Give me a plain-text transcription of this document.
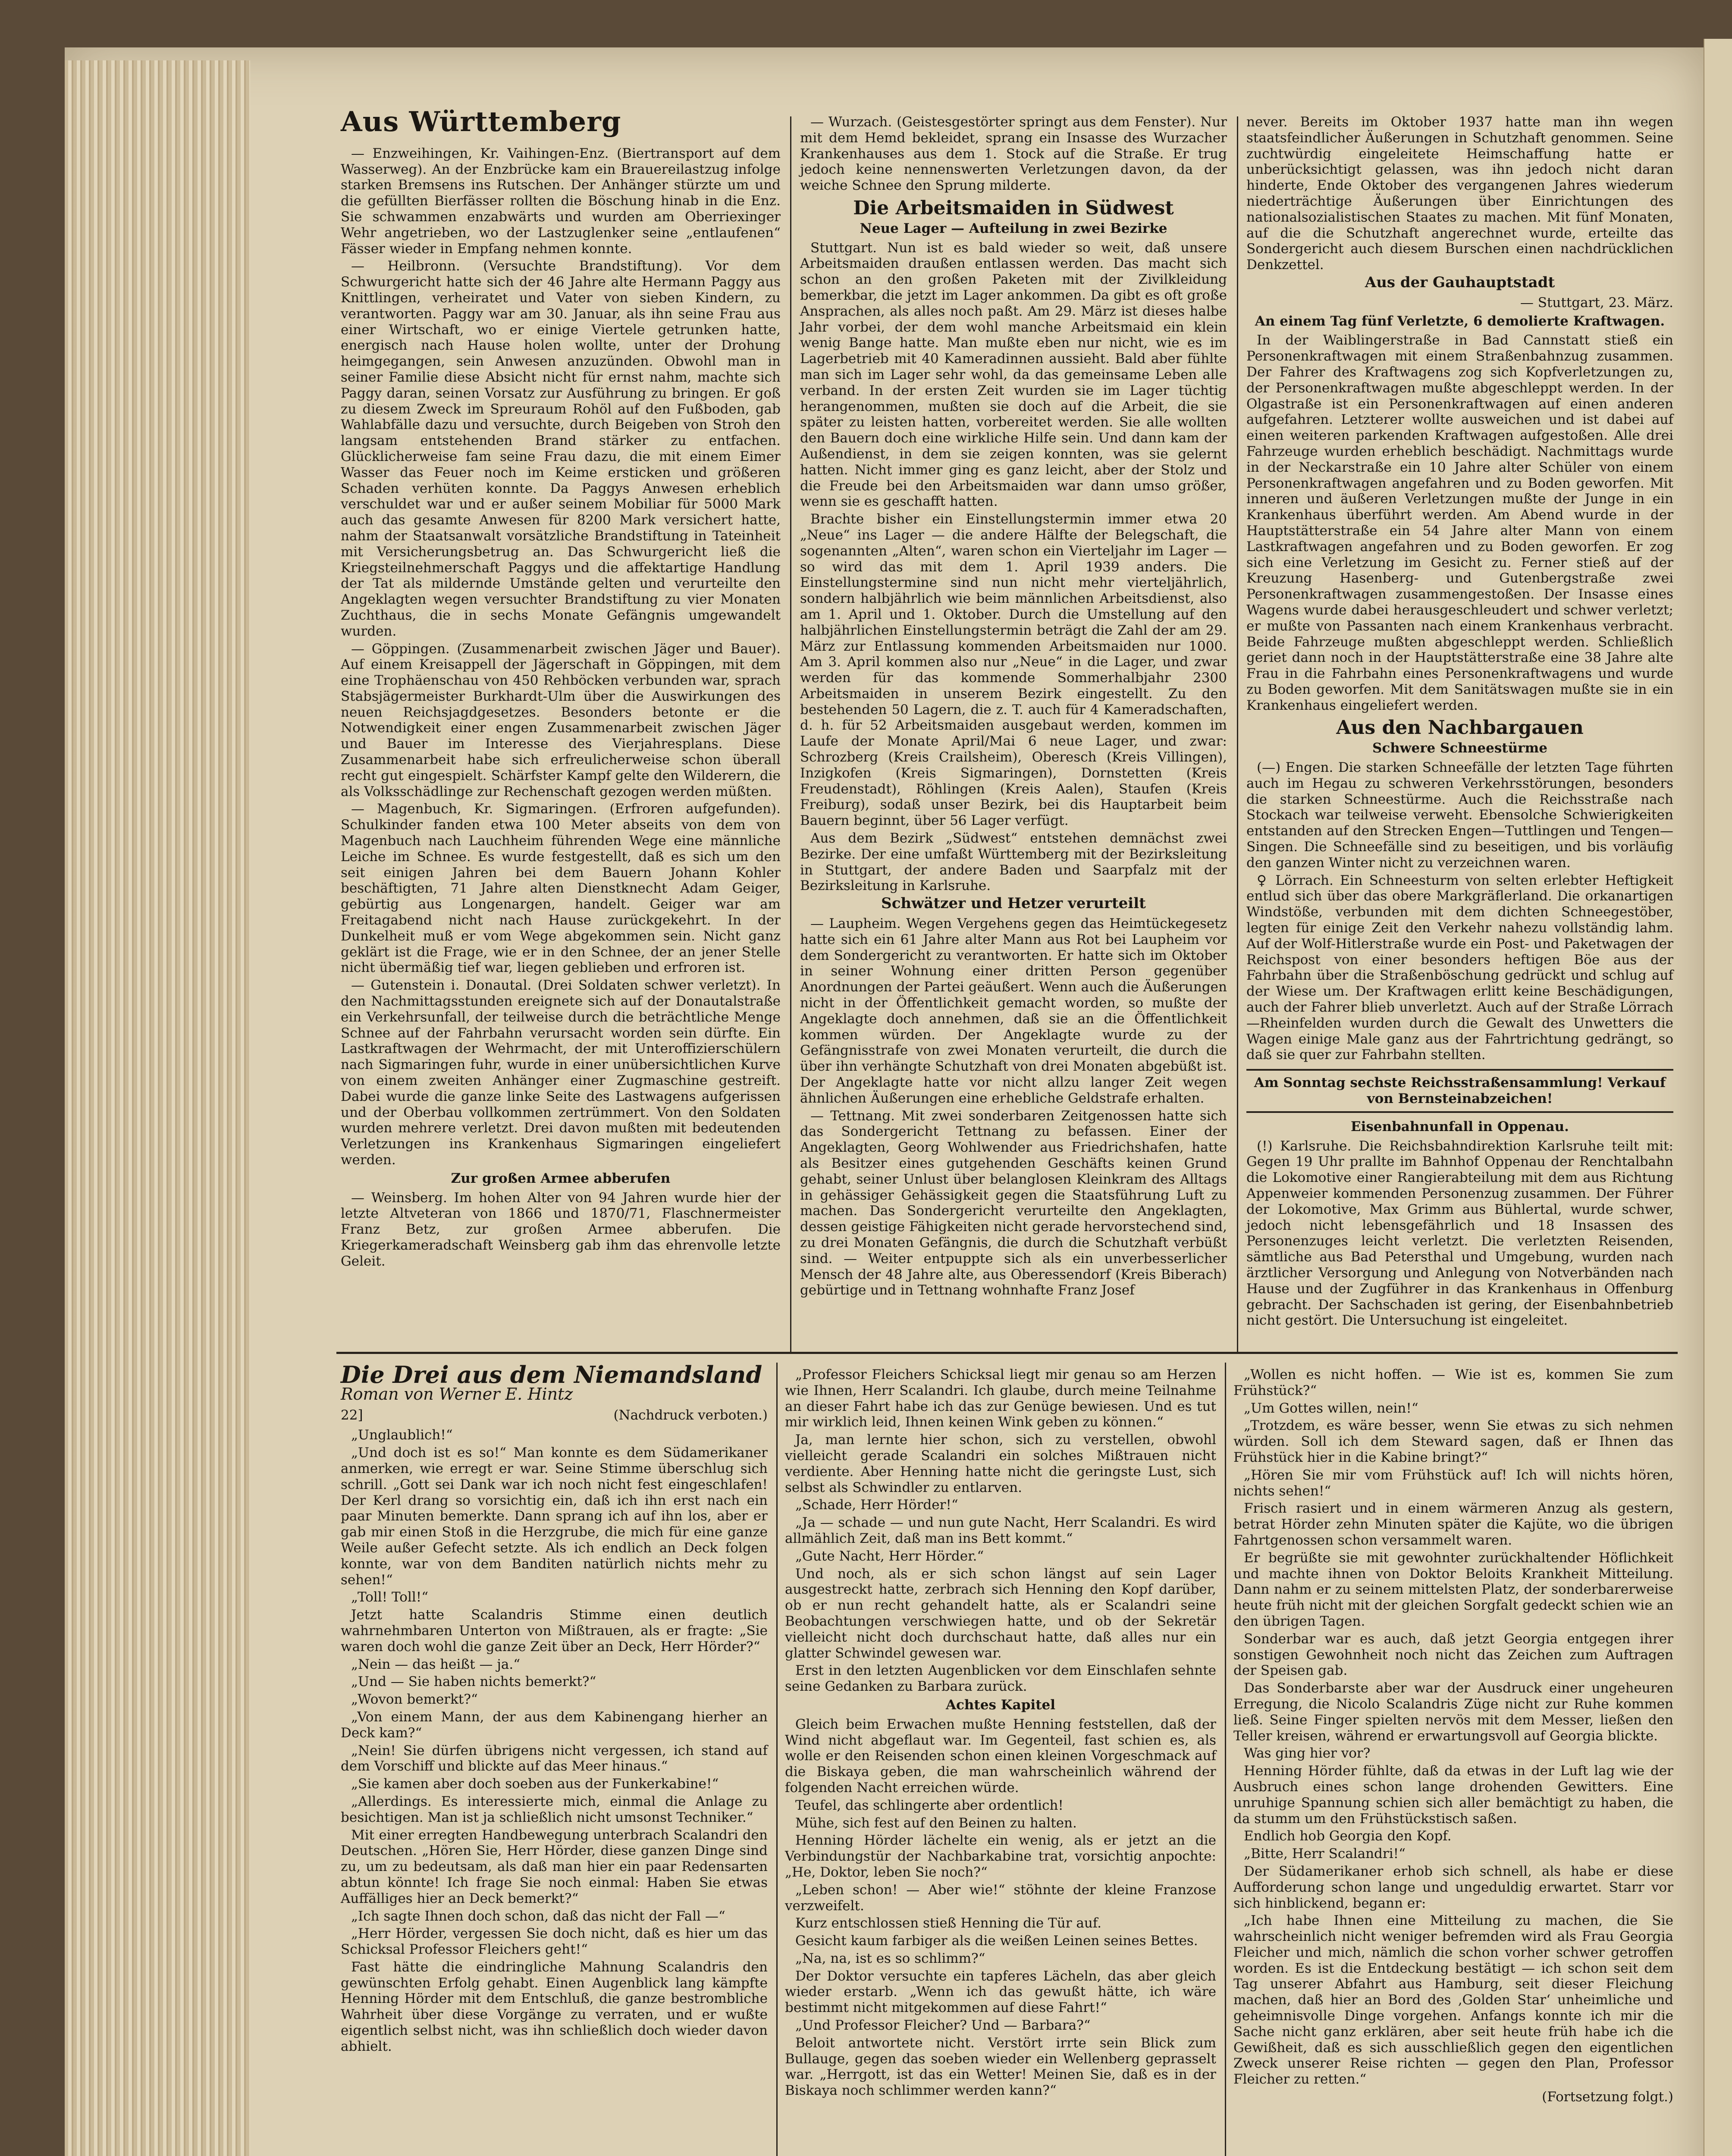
Aus Württemberg

— Enzweihingen, Kr. Vaihingen-Enz. (Biertransport auf dem Wasserweg). An der Enzbrücke kam ein Brauereilastzug infolge starken Bremsens ins Rutschen. Der Anhänger stürzte um und die gefüllten Bierfässer rollten die Böschung hinab in die Enz. Sie schwammen enzabwärts und wurden am Oberriexinger Wehr angetrieben, wo der Lastzuglenker seine „entlaufenen“ Fässer wieder in Empfang nehmen konnte.

— Heilbronn. (Versuchte Brandstiftung). Vor dem Schwurgericht hatte sich der 46 Jahre alte Hermann Paggy aus Knittlingen, verheiratet und Vater von sieben Kindern, zu verantworten. Paggy war am 30. Januar, als ihn seine Frau aus einer Wirtschaft, wo er einige Viertele getrunken hatte, energisch nach Hause holen wollte, unter der Drohung heimgegangen, sein Anwesen anzuzünden. Obwohl man in seiner Familie diese Absicht nicht für ernst nahm, machte sich Paggy daran, seinen Vorsatz zur Ausführung zu bringen. Er goß zu diesem Zweck im Spreuraum Rohöl auf den Fußboden, gab Wahlabfälle dazu und versuchte, durch Beigeben von Stroh den langsam entstehenden Brand stärker zu entfachen. Glücklicherweise fam seine Frau dazu, die mit einem Eimer Wasser das Feuer noch im Keime ersticken und größeren Schaden verhüten konnte. Da Paggys Anwesen erheblich verschuldet war und er außer seinem Mobiliar für 5000 Mark auch das gesamte Anwesen für 8200 Mark versichert hatte, nahm der Staatsanwalt vorsätzliche Brandstiftung in Tateinheit mit Versicherungsbetrug an. Das Schwurgericht ließ die Kriegsteilnehmerschaft Paggys und die affektartige Handlung der Tat als mildernde Umstände gelten und verurteilte den Angeklagten wegen versuchter Brandstiftung zu vier Monaten Zuchthaus, die in sechs Monate Gefängnis umgewandelt wurden.

— Göppingen. (Zusammenarbeit zwischen Jäger und Bauer). Auf einem Kreisappell der Jägerschaft in Göppingen, mit dem eine Trophäenschau von 450 Rehböcken verbunden war, sprach Stabsjägermeister Burkhardt-Ulm über die Auswirkungen des neuen Reichsjagdgesetzes. Besonders betonte er die Notwendigkeit einer engen Zusammenarbeit zwischen Jäger und Bauer im Interesse des Vierjahresplans. Diese Zusammenarbeit habe sich erfreulicherweise schon überall recht gut eingespielt. Schärfster Kampf gelte den Wilderern, die als Volksschädlinge zur Rechenschaft gezogen werden müßten.

— Magenbuch, Kr. Sigmaringen. (Erfroren aufgefunden). Schulkinder fanden etwa 100 Meter abseits von dem von Magenbuch nach Lauchheim führenden Wege eine männliche Leiche im Schnee. Es wurde festgestellt, daß es sich um den seit einigen Jahren bei dem Bauern Johann Kohler beschäftigten, 71 Jahre alten Dienstknecht Adam Geiger, gebürtig aus Longenargen, handelt. Geiger war am Freitagabend nicht nach Hause zurückgekehrt. In der Dunkelheit muß er vom Wege abgekommen sein. Nicht ganz geklärt ist die Frage, wie er in den Schnee, der an jener Stelle nicht übermäßig tief war, liegen geblieben und erfroren ist.

— Gutenstein i. Donautal. (Drei Soldaten schwer verletzt). In den Nachmittagsstunden ereignete sich auf der Donautalstraße ein Verkehrsunfall, der teilweise durch die beträchtliche Menge Schnee auf der Fahrbahn verursacht worden sein dürfte. Ein Lastkraftwagen der Wehrmacht, der mit Unteroffizierschülern nach Sigmaringen fuhr, wurde in einer unübersichtlichen Kurve von einem zweiten Anhänger einer Zugmaschine gestreift. Dabei wurde die ganze linke Seite des Lastwagens aufgerissen und der Oberbau vollkommen zertrümmert. Von den Soldaten wurden mehrere verletzt. Drei davon mußten mit bedeutenden Verletzungen ins Krankenhaus Sigmaringen eingeliefert werden.

Zur großen Armee abberufen

— Weinsberg. Im hohen Alter von 94 Jahren wurde hier der letzte Altveteran von 1866 und 1870/71, Flaschnermeister Franz Betz, zur großen Armee abberufen. Die Kriegerkameradschaft Weinsberg gab ihm das ehrenvolle letzte Geleit.

— Wurzach. (Geistesgestörter springt aus dem Fenster). Nur mit dem Hemd bekleidet, sprang ein Insasse des Wurzacher Krankenhauses aus dem 1. Stock auf die Straße. Er trug jedoch keine nennenswerten Verletzungen davon, da der weiche Schnee den Sprung milderte.

Die Arbeitsmaiden in Südwest
Neue Lager — Aufteilung in zwei Bezirke

Stuttgart. Nun ist es bald wieder so weit, daß unsere Arbeitsmaiden draußen entlassen werden. Das macht sich schon an den großen Paketen mit der Zivilkleidung bemerkbar, die jetzt im Lager ankommen. Da gibt es oft große Ansprachen, als alles noch paßt. Am 29. März ist dieses halbe Jahr vorbei, der dem wohl manche Arbeitsmaid ein klein wenig Bange hatte. Man mußte eben nur nicht, wie es im Lagerbetrieb mit 40 Kameradinnen aussieht. Bald aber fühlte man sich im Lager sehr wohl, da das gemeinsame Leben alle verband. In der ersten Zeit wurden sie im Lager tüchtig herangenommen, mußten sie doch auf die Arbeit, die sie später zu leisten hatten, vorbereitet werden. Sie alle wollten den Bauern doch eine wirkliche Hilfe sein. Und dann kam der Außendienst, in dem sie zeigen konnten, was sie gelernt hatten. Nicht immer ging es ganz leicht, aber der Stolz und die Freude bei den Arbeitsmaiden war dann umso größer, wenn sie es geschafft hatten.

Brachte bisher ein Einstellungstermin immer etwa 20 „Neue“ ins Lager — die andere Hälfte der Belegschaft, die sogenannten „Alten“, waren schon ein Vierteljahr im Lager — so wird das mit dem 1. April 1939 anders. Die Einstellungstermine sind nun nicht mehr vierteljährlich, sondern halbjährlich wie beim männlichen Arbeitsdienst, also am 1. April und 1. Oktober. Durch die Umstellung auf den halbjährlichen Einstellungstermin beträgt die Zahl der am 29. März zur Entlassung kommenden Arbeitsmaiden nur 1000. Am 3. April kommen also nur „Neue“ in die Lager, und zwar werden für das kommende Sommerhalbjahr 2300 Arbeitsmaiden in unserem Bezirk eingestellt. Zu den bestehenden 50 Lagern, die z. T. auch für 4 Kameradschaften, d. h. für 52 Arbeitsmaiden ausgebaut werden, kommen im Laufe der Monate April/Mai 6 neue Lager, und zwar: Schrozberg (Kreis Crailsheim), Oberesch (Kreis Villingen), Inzigkofen (Kreis Sigmaringen), Dornstetten (Kreis Freudenstadt), Röhlingen (Kreis Aalen), Staufen (Kreis Freiburg), sodaß unser Bezirk, bei dis Hauptarbeit beim Bauern beginnt, über 56 Lager verfügt.

Aus dem Bezirk „Südwest“ entstehen demnächst zwei Bezirke. Der eine umfaßt Württemberg mit der Bezirksleitung in Stuttgart, der andere Baden und Saarpfalz mit der Bezirksleitung in Karlsruhe.

Schwätzer und Hetzer verurteilt

— Laupheim. Wegen Vergehens gegen das Heimtückegesetz hatte sich ein 61 Jahre alter Mann aus Rot bei Laupheim vor dem Sondergericht zu verantworten. Er hatte sich im Oktober in seiner Wohnung einer dritten Person gegenüber Anordnungen der Partei geäußert. Wenn auch die Äußerungen nicht in der Öffentlichkeit gemacht worden, so mußte der Angeklagte doch annehmen, daß sie an die Öffentlichkeit kommen würden. Der Angeklagte wurde zu der Gefängnisstrafe von zwei Monaten verurteilt, die durch die über ihn verhängte Schutzhaft von drei Monaten abgebüßt ist. Der Angeklagte hatte vor nicht allzu langer Zeit wegen ähnlichen Äußerungen eine erhebliche Geldstrafe erhalten.

— Tettnang. Mit zwei sonderbaren Zeitgenossen hatte sich das Sondergericht Tettnang zu befassen. Einer der Angeklagten, Georg Wohlwender aus Friedrichshafen, hatte als Besitzer eines gutgehenden Geschäfts keinen Grund gehabt, seiner Unlust über belanglosen Kleinkram des Alltags in gehässiger Gehässigkeit gegen die Staatsführung Luft zu machen. Das Sondergericht verurteilte den Angeklagten, dessen geistige Fähigkeiten nicht gerade hervorstechend sind, zu drei Monaten Gefängnis, die durch die Schutzhaft verbüßt sind. — Weiter entpuppte sich als ein unverbesserlicher Mensch der 48 Jahre alte, aus Oberessendorf (Kreis Biberach) gebürtige und in Tettnang wohnhafte Franz Josef

never. Bereits im Oktober 1937 hatte man ihn wegen staatsfeindlicher Äußerungen in Schutzhaft genommen. Seine zuchtwürdig eingeleitete Heimschaffung hatte er unberücksichtigt gelassen, was ihn jedoch nicht daran hinderte, Ende Oktober des vergangenen Jahres wiederum niederträchtige Äußerungen über Einrichtungen des nationalsozialistischen Staates zu machen. Mit fünf Monaten, auf die die Schutzhaft angerechnet wurde, erteilte das Sondergericht auch diesem Burschen einen nachdrücklichen Denkzettel.

Aus der Gauhauptstadt

— Stuttgart, 23. März.

An einem Tag fünf Verletzte, 6 demolierte Kraftwagen.

In der Waiblingerstraße in Bad Cannstatt stieß ein Personenkraftwagen mit einem Straßenbahnzug zusammen. Der Fahrer des Kraftwagens zog sich Kopfverletzungen zu, der Personenkraftwagen mußte abgeschleppt werden. In der Olgastraße ist ein Personenkraftwagen auf einen anderen aufgefahren. Letzterer wollte ausweichen und ist dabei auf einen weiteren parkenden Kraftwagen aufgestoßen. Alle drei Fahrzeuge wurden erheblich beschädigt. Nachmittags wurde in der Neckarstraße ein 10 Jahre alter Schüler von einem Personenkraftwagen angefahren und zu Boden geworfen. Mit inneren und äußeren Verletzungen mußte der Junge in ein Krankenhaus überführt werden. Am Abend wurde in der Hauptstätterstraße ein 54 Jahre alter Mann von einem Lastkraftwagen angefahren und zu Boden geworfen. Er zog sich eine Verletzung im Gesicht zu. Ferner stieß auf der Kreuzung Hasenberg- und Gutenbergstraße zwei Personenkraftwagen zusammengestoßen. Der Insasse eines Wagens wurde dabei herausgeschleudert und schwer verletzt; er mußte von Passanten nach einem Krankenhaus verbracht. Beide Fahrzeuge mußten abgeschleppt werden. Schließlich geriet dann noch in der Hauptstätterstraße eine 38 Jahre alte Frau in die Fahrbahn eines Personenkraftwagens und wurde zu Boden geworfen. Mit dem Sanitätswagen mußte sie in ein Krankenhaus eingeliefert werden.

Aus den Nachbargauen
Schwere Schneestürme

(—) Engen. Die starken Schneefälle der letzten Tage führten auch im Hegau zu schweren Verkehrsstörungen, besonders die starken Schneestürme. Auch die Reichsstraße nach Stockach war teilweise verweht. Ebensolche Schwierigkeiten entstanden auf den Strecken Engen—Tuttlingen und Tengen—Singen. Die Schneefälle sind zu beseitigen, und bis vorläufig den ganzen Winter nicht zu verzeichnen waren.

♀ Lörrach. Ein Schneesturm von selten erlebter Heftigkeit entlud sich über das obere Markgräflerland. Die orkanartigen Windstöße, verbunden mit dem dichten Schneegestöber, legten für einige Zeit den Verkehr nahezu vollständig lahm. Auf der Wolf-Hitlerstraße wurde ein Post- und Paketwagen der Reichspost von einer besonders heftigen Böe aus der Fahrbahn über die Straßenböschung gedrückt und schlug auf der Wiese um. Der Kraftwagen erlitt keine Beschädigungen, auch der Fahrer blieb unverletzt. Auch auf der Straße Lörrach—Rheinfelden wurden durch die Gewalt des Unwetters die Wagen einige Male ganz aus der Fahrtrichtung gedrängt, so daß sie quer zur Fahrbahn stellten.

Am Sonntag sechste Reichsstraßensammlung! Verkauf von Bernsteinabzeichen!
Eisenbahnunfall in Oppenau.

(!) Karlsruhe. Die Reichsbahndirektion Karlsruhe teilt mit: Gegen 19 Uhr prallte im Bahnhof Oppenau der Renchtalbahn die Lokomotive einer Rangierabteilung mit dem aus Richtung Appenweier kommenden Personenzug zusammen. Der Führer der Lokomotive, Max Grimm aus Bühlertal, wurde schwer, jedoch nicht lebensgefährlich und 18 Insassen des Personenzuges leicht verletzt. Die verletzten Reisenden, sämtliche aus Bad Petersthal und Umgebung, wurden nach ärztlicher Versorgung und Anlegung von Notverbänden nach Hause und der Zugführer in das Krankenhaus in Offenburg gebracht. Der Sachschaden ist gering, der Eisenbahnbetrieb nicht gestört. Die Untersuchung ist eingeleitet.

Die Drei aus dem Niemandsland
Roman von Werner E. Hintz
22]	(Nachdruck verboten.)

„Unglaublich!“

„Und doch ist es so!“ Man konnte es dem Südamerikaner anmerken, wie erregt er war. Seine Stimme überschlug sich schrill. „Gott sei Dank war ich noch nicht fest eingeschlafen! Der Kerl drang so vorsichtig ein, daß ich ihn erst nach ein paar Minuten bemerkte. Dann sprang ich auf ihn los, aber er gab mir einen Stoß in die Herzgrube, die mich für eine ganze Weile außer Gefecht setzte. Als ich endlich an Deck folgen konnte, war von dem Banditen natürlich nichts mehr zu sehen!“

„Toll! Toll!“

Jetzt hatte Scalandris Stimme einen deutlich wahrnehmbaren Unterton von Mißtrauen, als er fragte: „Sie waren doch wohl die ganze Zeit über an Deck, Herr Hörder?“

„Nein — das heißt — ja.“

„Und — Sie haben nichts bemerkt?“

„Wovon bemerkt?“

„Von einem Mann, der aus dem Kabinengang hierher an Deck kam?“

„Nein! Sie dürfen übrigens nicht vergessen, ich stand auf dem Vorschiff und blickte auf das Meer hinaus.“

„Sie kamen aber doch soeben aus der Funkerkabine!“

„Allerdings. Es interessierte mich, einmal die Anlage zu besichtigen. Man ist ja schließlich nicht umsonst Techniker.“

Mit einer erregten Handbewegung unterbrach Scalandri den Deutschen. „Hören Sie, Herr Hörder, diese ganzen Dinge sind zu, um zu bedeutsam, als daß man hier ein paar Redensarten abtun könnte! Ich frage Sie noch einmal: Haben Sie etwas Auffälliges hier an Deck bemerkt?“

„Ich sagte Ihnen doch schon, daß das nicht der Fall —“

„Herr Hörder, vergessen Sie doch nicht, daß es hier um das Schicksal Professor Fleichers geht!“

Fast hätte die eindringliche Mahnung Scalandris den gewünschten Erfolg gehabt. Einen Augenblick lang kämpfte Henning Hörder mit dem Entschluß, die ganze bestrombliche Wahrheit über diese Vorgänge zu verraten, und er wußte eigentlich selbst nicht, was ihn schließlich doch wieder davon abhielt.

„Professor Fleichers Schicksal liegt mir genau so am Herzen wie Ihnen, Herr Scalandri. Ich glaube, durch meine Teilnahme an dieser Fahrt habe ich das zur Genüge bewiesen. Und es tut mir wirklich leid, Ihnen keinen Wink geben zu können.“

Ja, man lernte hier schon, sich zu verstellen, obwohl vielleicht gerade Scalandri ein solches Mißtrauen nicht verdiente. Aber Henning hatte nicht die geringste Lust, sich selbst als Schwindler zu entlarven.

„Schade, Herr Hörder!“

„Ja — schade — und nun gute Nacht, Herr Scalandri. Es wird allmählich Zeit, daß man ins Bett kommt.“

„Gute Nacht, Herr Hörder.“

Und noch, als er sich schon längst auf sein Lager ausgestreckt hatte, zerbrach sich Henning den Kopf darüber, ob er nun recht gehandelt hatte, als er Scalandri seine Beobachtungen verschwiegen hatte, und ob der Sekretär vielleicht nicht doch durchschaut hatte, daß alles nur ein glatter Schwindel gewesen war.

Erst in den letzten Augenblicken vor dem Einschlafen sehnte seine Gedanken zu Barbara zurück.

Achtes Kapitel

Gleich beim Erwachen mußte Henning feststellen, daß der Wind nicht abgeflaut war. Im Gegenteil, fast schien es, als wolle er den Reisenden schon einen kleinen Vorgeschmack auf die Biskaya geben, die man wahrscheinlich während der folgenden Nacht erreichen würde.

Teufel, das schlingerte aber ordentlich!

Mühe, sich fest auf den Beinen zu halten.

Henning Hörder lächelte ein wenig, als er jetzt an die Verbindungstür der Nachbarkabine trat, vorsichtig anpochte: „He, Doktor, leben Sie noch?“

„Leben schon! — Aber wie!“ stöhnte der kleine Franzose verzweifelt.

Kurz entschlossen stieß Henning die Tür auf.

Gesicht kaum farbiger als die weißen Leinen seines Bettes.

„Na, na, ist es so schlimm?“

Der Doktor versuchte ein tapferes Lächeln, das aber gleich wieder erstarb. „Wenn ich das gewußt hätte, ich wäre bestimmt nicht mitgekommen auf diese Fahrt!“

„Und Professor Fleicher? Und — Barbara?“

Beloit antwortete nicht. Verstört irrte sein Blick zum Bullauge, gegen das soeben wieder ein Wellenberg geprasselt war. „Herrgott, ist das ein Wetter! Meinen Sie, daß es in der Biskaya noch schlimmer werden kann?“

„Wollen es nicht hoffen. — Wie ist es, kommen Sie zum Frühstück?“

„Um Gottes willen, nein!“

„Trotzdem, es wäre besser, wenn Sie etwas zu sich nehmen würden. Soll ich dem Steward sagen, daß er Ihnen das Frühstück hier in die Kabine bringt?“

„Hören Sie mir vom Frühstück auf! Ich will nichts hören, nichts sehen!“

Frisch rasiert und in einem wärmeren Anzug als gestern, betrat Hörder zehn Minuten später die Kajüte, wo die übrigen Fahrtgenossen schon versammelt waren.

Er begrüßte sie mit gewohnter zurückhaltender Höflichkeit und machte ihnen von Doktor Beloits Krankheit Mitteilung. Dann nahm er zu seinem mittelsten Platz, der sonderbarerweise heute früh nicht mit der gleichen Sorgfalt gedeckt schien wie an den übrigen Tagen.

Sonderbar war es auch, daß jetzt Georgia entgegen ihrer sonstigen Gewohnheit noch nicht das Zeichen zum Auftragen der Speisen gab.

Das Sonderbarste aber war der Ausdruck einer ungeheuren Erregung, die Nicolo Scalandris Züge nicht zur Ruhe kommen ließ. Seine Finger spielten nervös mit dem Messer, ließen den Teller kreisen, während er erwartungsvoll auf Georgia blickte.

Was ging hier vor?

Henning Hörder fühlte, daß da etwas in der Luft lag wie der Ausbruch eines schon lange drohenden Gewitters. Eine unruhige Spannung schien sich aller bemächtigt zu haben, die da stumm um den Frühstückstisch saßen.

Endlich hob Georgia den Kopf.

„Bitte, Herr Scalandri!“

Der Südamerikaner erhob sich schnell, als habe er diese Aufforderung schon lange und ungeduldig erwartet. Starr vor sich hinblickend, begann er:

„Ich habe Ihnen eine Mitteilung zu machen, die Sie wahrscheinlich nicht weniger befremden wird als Frau Georgia Fleicher und mich, nämlich die schon vorher schwer getroffen worden. Es ist die Entdeckung bestätigt — ich schon seit dem Tag unserer Abfahrt aus Hamburg, seit dieser Fleichung machen, daß hier an Bord des ‚Golden Star‘ unheimliche und geheimnisvolle Dinge vorgehen. Anfangs konnte ich mir die Sache nicht ganz erklären, aber seit heute früh habe ich die Gewißheit, daß es sich ausschließlich gegen den eigentlichen Zweck unserer Reise richten — gegen den Plan, Professor Fleicher zu retten.“

(Fortsetzung folgt.)
